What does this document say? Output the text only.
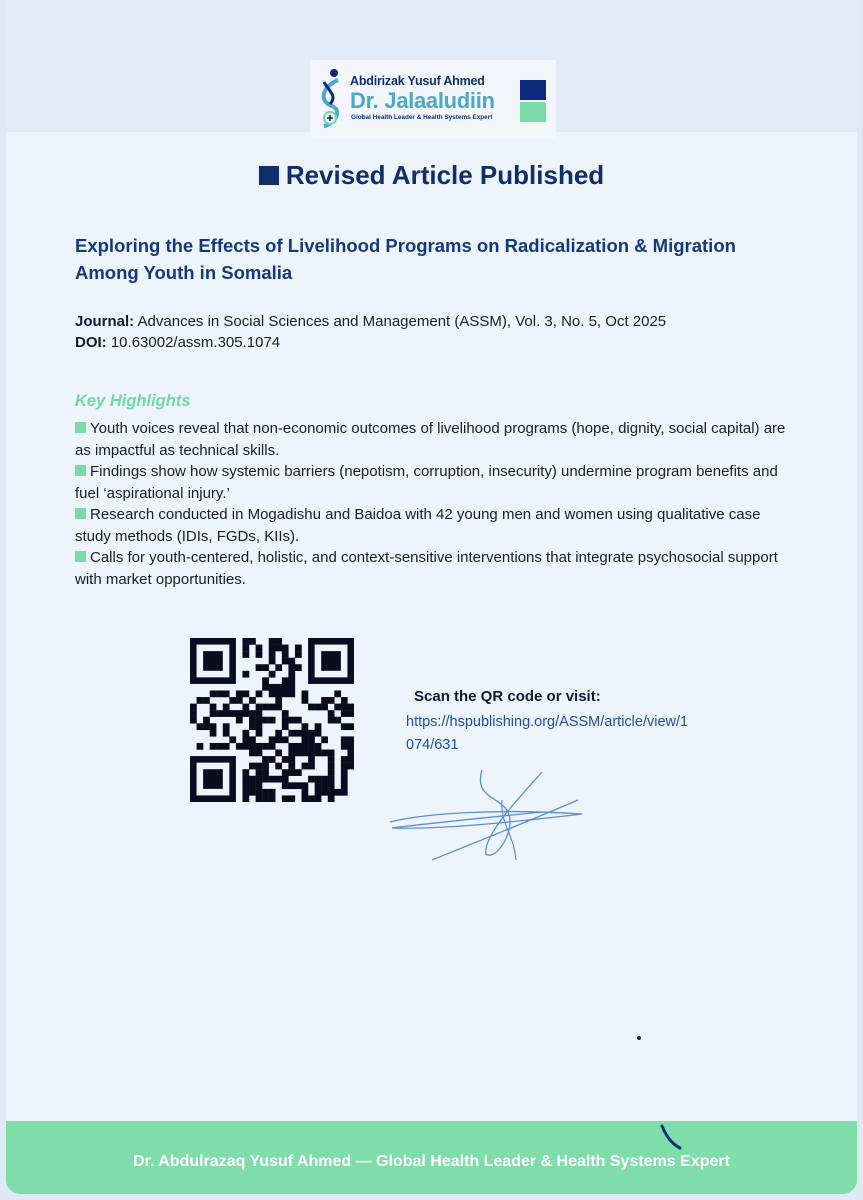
Abdirizak Yusuf Ahmed
Dr. Jalaaludiin
Global Health Leader & Health Systems Expert
Revised Article Published
Exploring the Effects of Livelihood Programs on Radicalization & Migration Among Youth in Somalia
Journal: Advances in Social Sciences and Management (ASSM), Vol. 3, No. 5, Oct 2025
DOI: 10.63002/assm.305.1074
Key Highlights

Youth voices reveal that non-economic outcomes of livelihood programs (hope, dignity, social capital) are as impactful as technical skills.

Findings show how systemic barriers (nepotism, corruption, insecurity) undermine program benefits and fuel ‘aspirational injury.’

Research conducted in Mogadishu and Baidoa with 42 young men and women using qualitative case study methods (IDIs, FGDs, KIIs).

Calls for youth-centered, holistic, and context-sensitive interventions that integrate psychosocial support with market opportunities.

Scan the QR code or visit:
https://hspublishing.org/ASSM/article/view/1074/631
Dr. Abdulrazaq Yusuf Ahmed — Global Health Leader & Health Systems Expert
